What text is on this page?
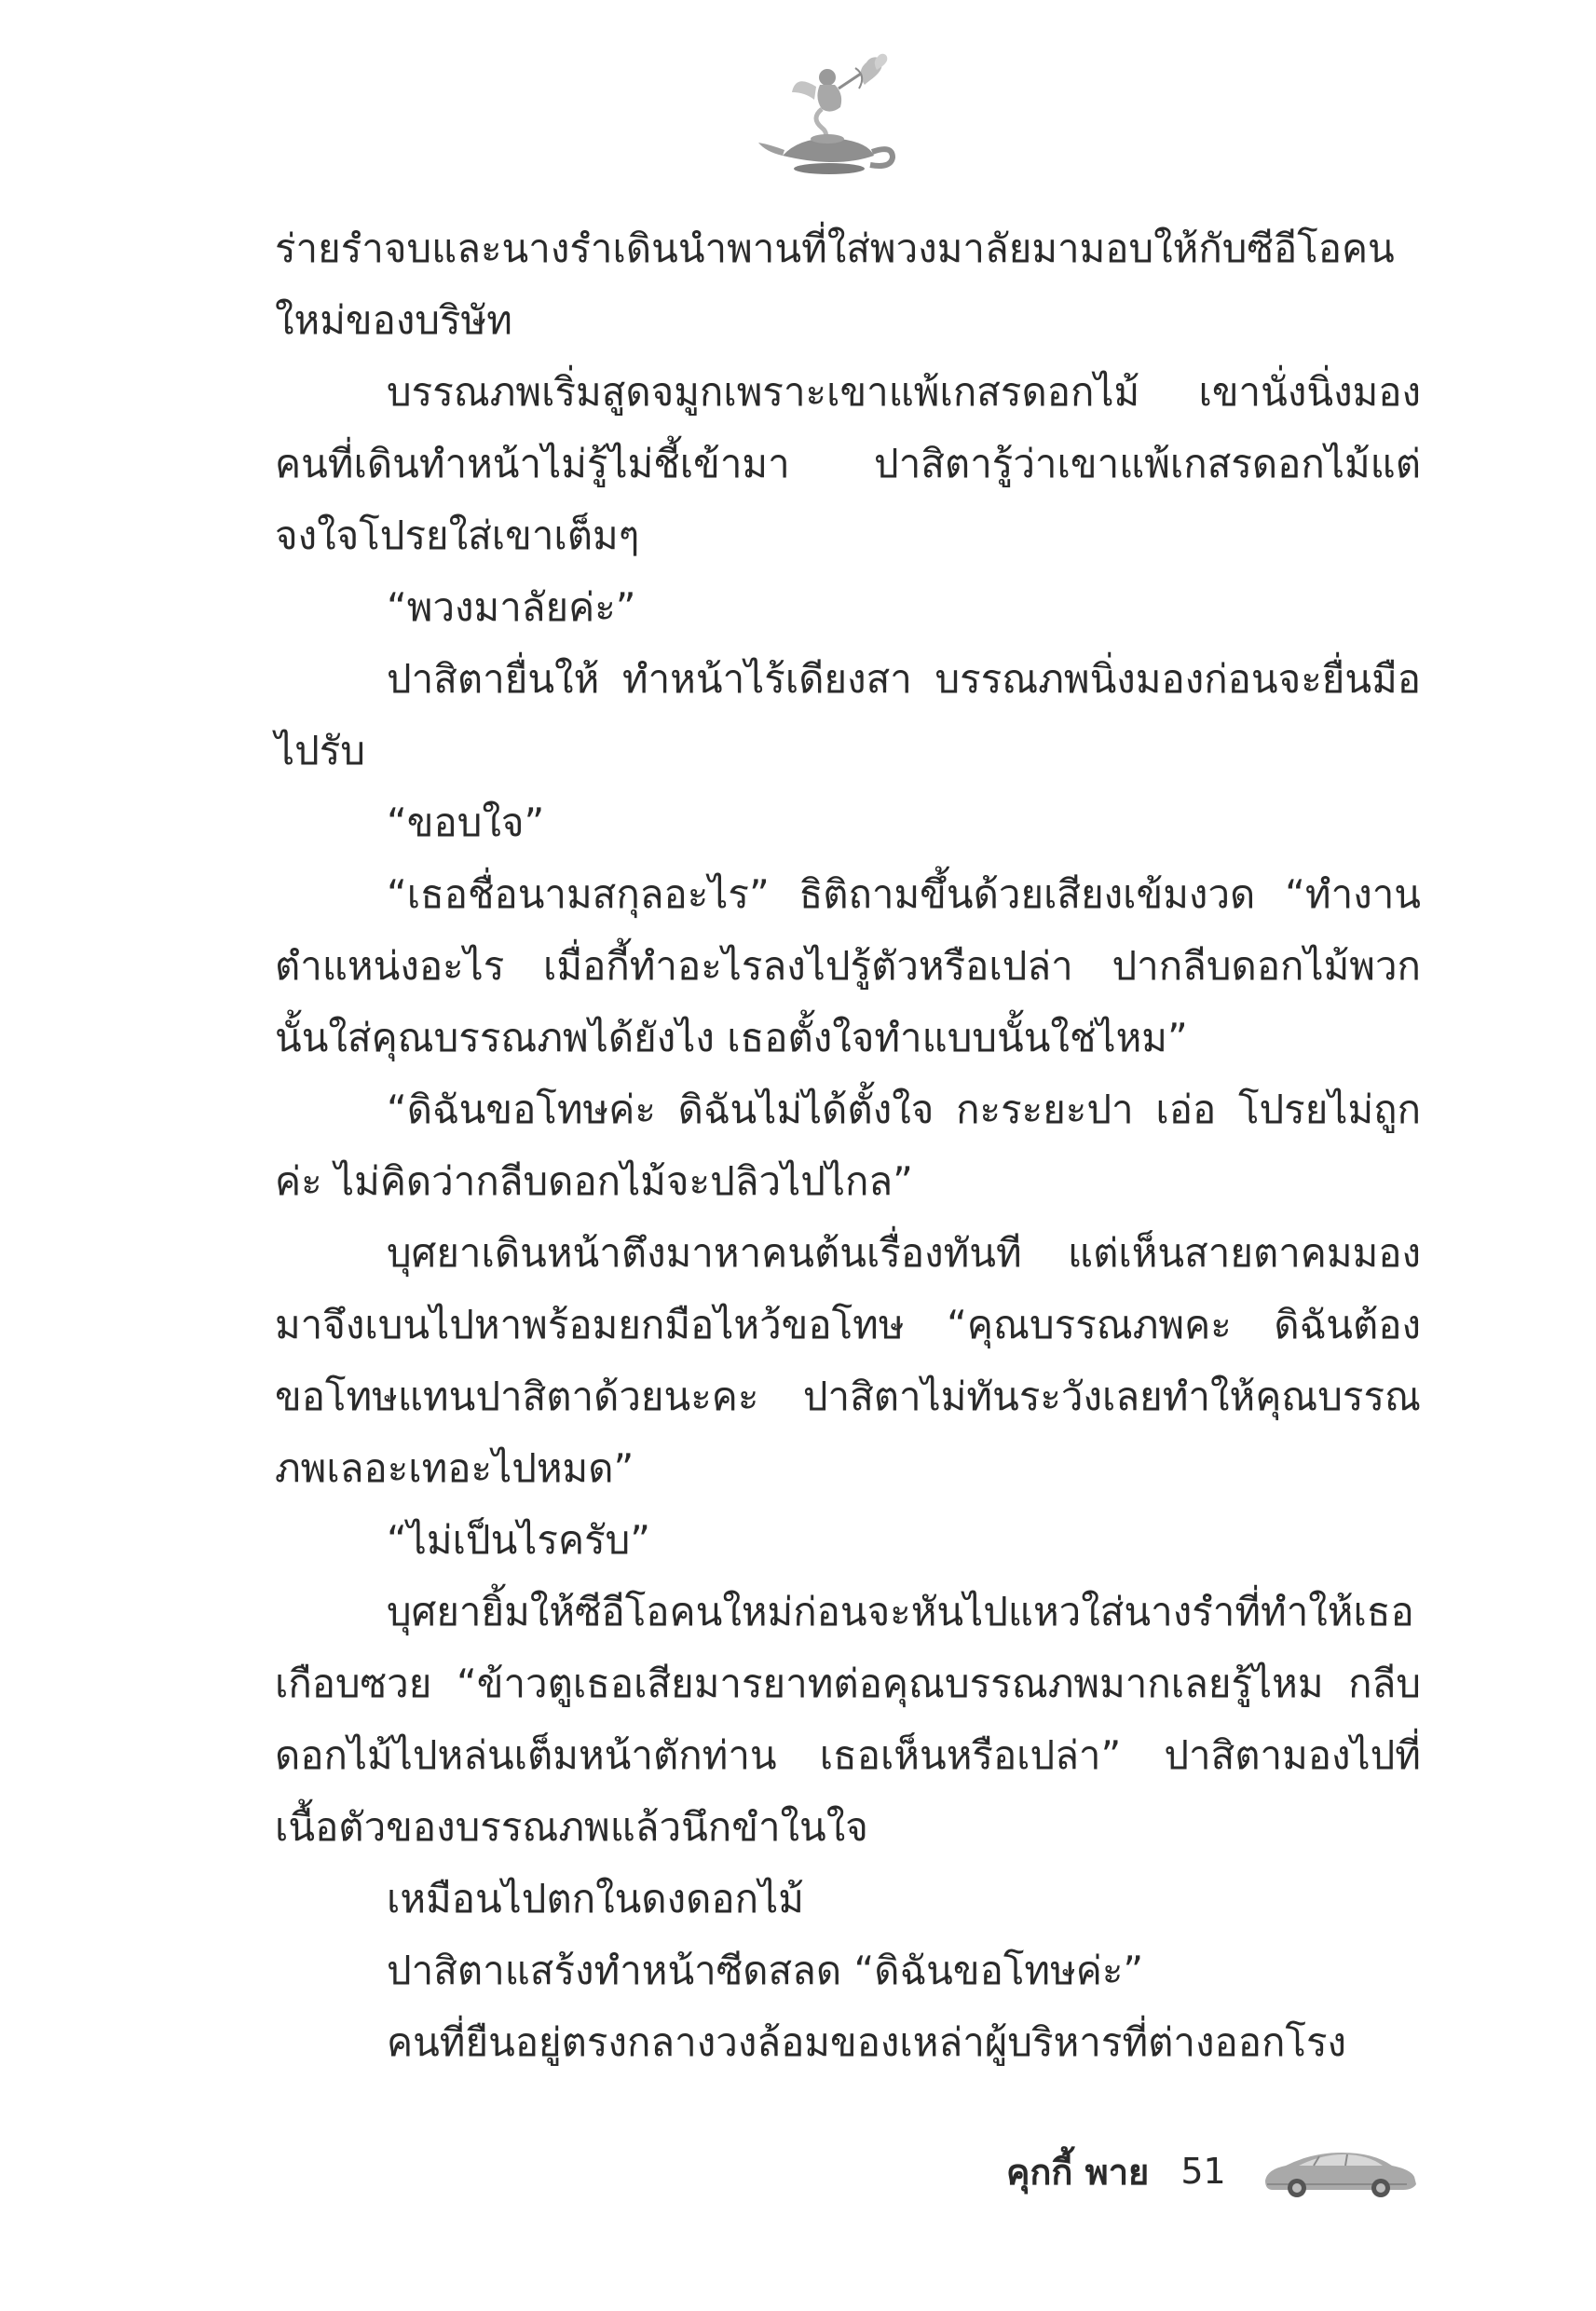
ร่ายรำจบและนางรำเดินนำพานที่ใส่พวงมาลัยมามอบให้กับซีอีโอคนใหม่ของบริษัท

บรรณภพเริ่มสูดจมูกเพราะเขาแพ้เกสรดอกไม้ เขานั่งนิ่งมองคนที่เดินทำหน้าไม่รู้ไม่ชี้เข้ามา ปาสิตารู้ว่าเขาแพ้เกสรดอกไม้แต่จงใจโปรยใส่เขาเต็มๆ

“พวงมาลัยค่ะ”

ปาสิตายื่นให้ ทำหน้าไร้เดียงสา บรรณภพนิ่งมองก่อนจะยื่นมือไปรับ

“ขอบใจ”

“เธอชื่อนามสกุลอะไร” ธิติถามขึ้นด้วยเสียงเข้มงวด “ทำงานตำแหน่งอะไร เมื่อกี้ทำอะไรลงไปรู้ตัวหรือเปล่า ปากลีบดอกไม้พวกนั้นใส่คุณบรรณภพได้ยังไง เธอตั้งใจทำแบบนั้นใช่ไหม”

“ดิฉันขอโทษค่ะ ดิฉันไม่ได้ตั้งใจ กะระยะปา เอ่อ โปรยไม่ถูกค่ะ ไม่คิดว่ากลีบดอกไม้จะปลิวไปไกล”

บุศยาเดินหน้าตึงมาหาคนต้นเรื่องทันที แต่เห็นสายตาคมมองมาจึงเบนไปหาพร้อมยกมือไหว้ขอโทษ “คุณบรรณภพคะ ดิฉันต้องขอโทษแทนปาสิตาด้วยนะคะ ปาสิตาไม่ทันระวังเลยทำให้คุณบรรณภพเลอะเทอะไปหมด”

“ไม่เป็นไรครับ”

บุศยายิ้มให้ซีอีโอคนใหม่ก่อนจะหันไปแหวใส่นางรำที่ทำให้เธอเกือบซวย “ข้าวตูเธอเสียมารยาทต่อคุณบรรณภพมากเลยรู้ไหม กลีบดอกไม้ไปหล่นเต็มหน้าตักท่าน เธอเห็นหรือเปล่า” ปาสิตามองไปที่เนื้อตัวของบรรณภพแล้วนึกขำในใจ

เหมือนไปตกในดงดอกไม้

ปาสิตาแสร้งทำหน้าซีดสลด “ดิฉันขอโทษค่ะ”

คนที่ยืนอยู่ตรงกลางวงล้อมของเหล่าผู้บริหารที่ต่างออกโรง

คุกกี้ พาย 51
